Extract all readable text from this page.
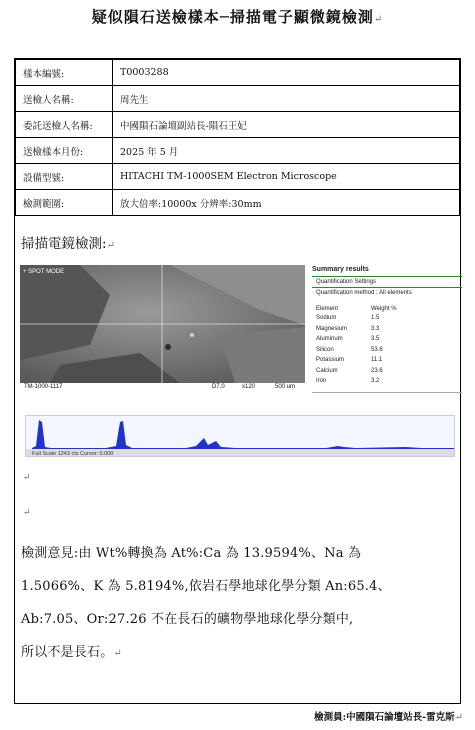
疑似隕石送檢樣本─掃描電子顯微鏡檢測↵
樣本編號:	T0003288
送檢人名稱:	周先生
委託送檢人名稱:	中國隕石論壇副站長-隕石王妃
送檢樣本月份:	2025 年 5 月
設備型號:	HITACHI TM-1000SEM Electron Microscope
檢測範圍:	放大倍率:10000x 分辨率:30mm
掃描電鏡檢測:↵
+ SPOT MODE
TM-1000-1117	D7.0	x120	500 um
Summary results
Quantification Settings
Quantification method : All elements
Element	Weight %
Sodium	1.5
Magnesium	3.3
Aluminum	3.5
Silicon	53.6
Potassium	11.1
Calcium	23.6
Iron	3.2
Full Scale 1243 cts Cursor: 0.000
↵
↵
檢測意見:由 Wt%轉換為 At%:Ca 為 13.9594%、Na 為
1.5066%、K 為 5.8194%,依岩石學地球化學分類 An:65.4、
Ab:7.05、Or:27.26 不在長石的礦物學地球化學分類中,
所以不是長石。↵
檢測員:中國隕石論壇站長-雷克斯↵
